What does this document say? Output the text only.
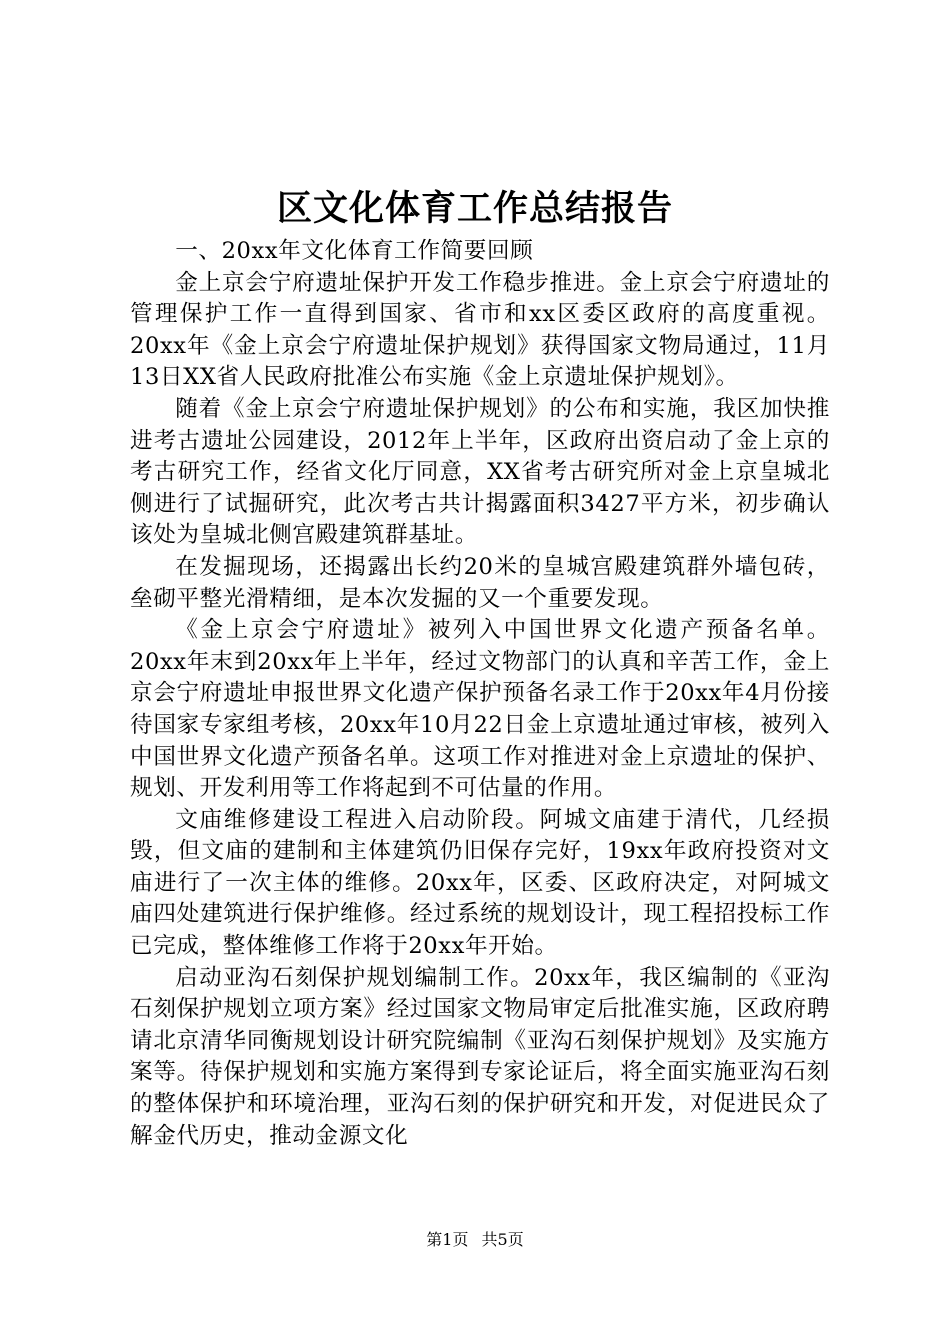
区文化体育工作总结报告

一、20xx年文化体育工作简要回顾

金上京会宁府遗址保护开发工作稳步推进。金上京会宁府遗址的管理保护工作一直得到国家、省市和xx区委区政府的高度重视。20xx年《金上京会宁府遗址保护规划》获得国家文物局通过，11月13日XX省人民政府批准公布实施《金上京遗址保护规划》。

随着《金上京会宁府遗址保护规划》的公布和实施，我区加快推进考古遗址公园建设，2012年上半年，区政府出资启动了金上京的考古研究工作，经省文化厅同意，XX省考古研究所对金上京皇城北侧进行了试掘研究，此次考古共计揭露面积3427平方米，初步确认该处为皇城北侧宫殿建筑群基址。

在发掘现场，还揭露出长约20米的皇城宫殿建筑群外墙包砖，垒砌平整光滑精细，是本次发掘的又一个重要发现。

《金上京会宁府遗址》被列入中国世界文化遗产预备名单。20xx年末到20xx年上半年，经过文物部门的认真和辛苦工作，金上京会宁府遗址申报世界文化遗产保护预备名录工作于20xx年4月份接待国家专家组考核，20xx年10月22日金上京遗址通过审核，被列入中国世界文化遗产预备名单。这项工作对推进对金上京遗址的保护、规划、开发利用等工作将起到不可估量的作用。

文庙维修建设工程进入启动阶段。阿城文庙建于清代，几经损毁，但文庙的建制和主体建筑仍旧保存完好，19xx年政府投资对文庙进行了一次主体的维修。20xx年，区委、区政府决定，对阿城文庙四处建筑进行保护维修。经过系统的规划设计，现工程招投标工作已完成，整体维修工作将于20xx年开始。

启动亚沟石刻保护规划编制工作。20xx年，我区编制的《亚沟石刻保护规划立项方案》经过国家文物局审定后批准实施，区政府聘请北京清华同衡规划设计研究院编制《亚沟石刻保护规划》及实施方案等。待保护规划和实施方案得到专家论证后，将全面实施亚沟石刻的整体保护和环境治理，亚沟石刻的保护研究和开发，对促进民众了解金代历史，推动金源文化

第1页 共5页
